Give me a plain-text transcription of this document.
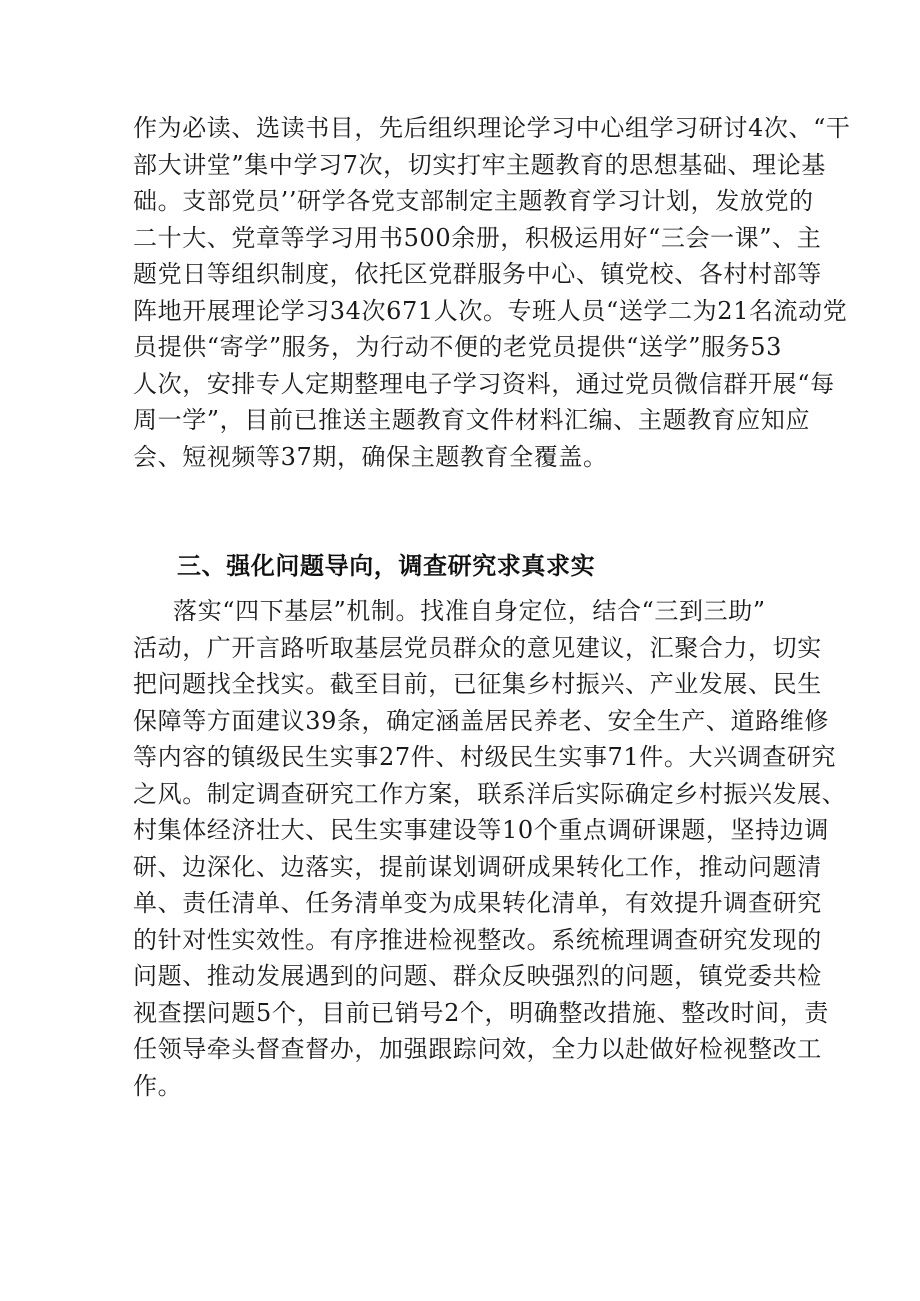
作为必读、选读书目，先后组织理论学习中心组学习研讨4次、“干
部大讲堂”集中学习7次，切实打牢主题教育的思想基础、理论基
础。支部党员’’研学各党支部制定主题教育学习计划，发放党的
二十大、党章等学习用书500余册，积极运用好“三会一课”、主
题党日等组织制度，依托区党群服务中心、镇党校、各村村部等
阵地开展理论学习34次671人次。专班人员“送学二为21名流动党
员提供“寄学”服务，为行动不便的老党员提供“送学”服务53
人次，安排专人定期整理电子学习资料，通过党员微信群开展“每
周一学”，目前已推送主题教育文件材料汇编、主题教育应知应
会、短视频等37期，确保主题教育全覆盖。
三、强化问题导向，调查研究求真求实
落实“四下基层”机制。找准自身定位，结合“三到三助”
活动，广开言路听取基层党员群众的意见建议，汇聚合力，切实
把问题找全找实。截至目前，已征集乡村振兴、产业发展、民生
保障等方面建议39条，确定涵盖居民养老、安全生产、道路维修
等内容的镇级民生实事27件、村级民生实事71件。大兴调查研究
之风。制定调查研究工作方案，联系洋后实际确定乡村振兴发展、
村集体经济壮大、民生实事建设等10个重点调研课题，坚持边调
研、边深化、边落实，提前谋划调研成果转化工作，推动问题清
单、责任清单、任务清单变为成果转化清单，有效提升调查研究
的针对性实效性。有序推进检视整改。系统梳理调查研究发现的
问题、推动发展遇到的问题、群众反映强烈的问题，镇党委共检
视查摆问题5个，目前已销号2个，明确整改措施、整改时间，责
任领导牵头督查督办，加强跟踪问效，全力以赴做好检视整改工
作。
